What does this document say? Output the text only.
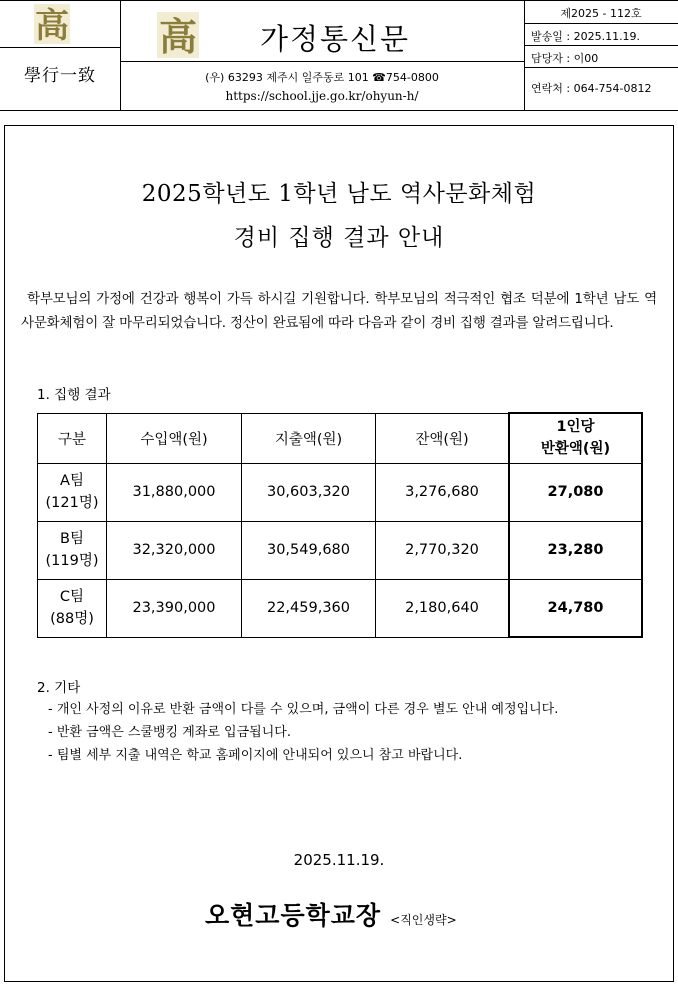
高
學行一致
高	가정통신문
(우) 63293 제주시 일주동로 101 ☎754-0800
https://school.jje.go.kr/ohyun-h/
제2025 - 112호
발송일 : 2025.11.19.
담당자 : 이00
연락처 : 064-754-0812
2025학년도 1학년 남도 역사문화체험
경비 집행 결과 안내
학부모님의 가정에 건강과 행복이 가득 하시길 기원합니다. 학부모님의 적극적인 협조 덕분에 1학년 남도 역사문화체험이 잘 마무리되었습니다. 정산이 완료됨에 따라 다음과 같이 경비 집행 결과를 알려드립니다.
1. 집행 결과
구분	수입액(원)	지출액(원)	잔액(원)	1인당
반환액(원)

A팀
(121명)	31,880,000	30,603,320	3,276,680	27,080

B팀
(119명)	32,320,000	30,549,680	2,770,320	23,280

C팀
(88명)	23,390,000	22,459,360	2,180,640	24,780
2. 기타
- 개인 사정의 이유로 반환 금액이 다를 수 있으며, 금액이 다른 경우 별도 안내 예정입니다.
- 반환 금액은 스쿨뱅킹 계좌로 입금됩니다.
- 팀별 세부 지출 내역은 학교 홈페이지에 안내되어 있으니 참고 바랍니다.
2025.11.19.
오현고등학교장 <직인생략>
